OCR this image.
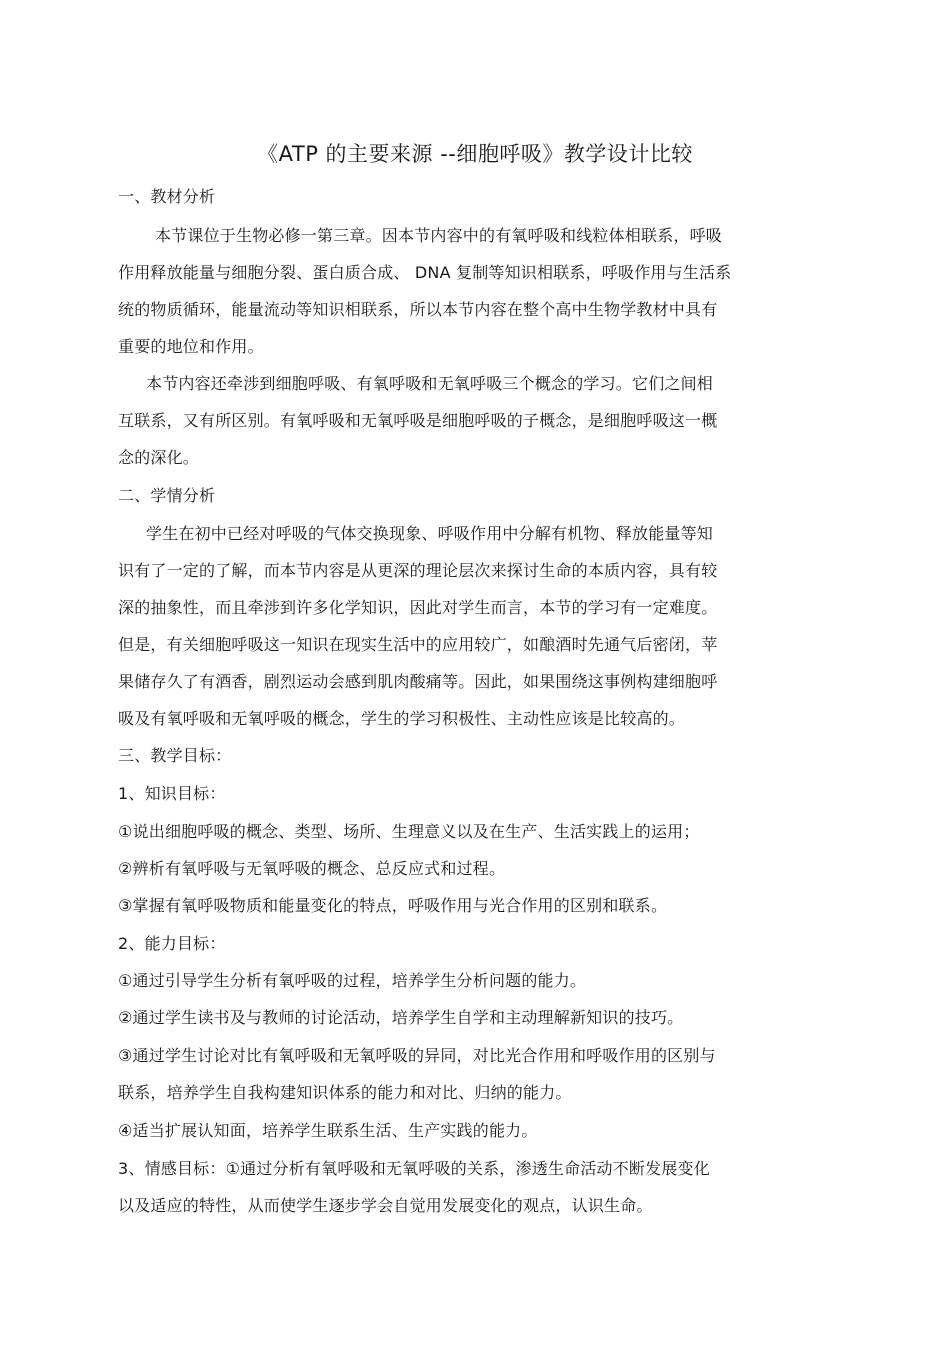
《ATP 的主要来源 --细胞呼吸》教学设计比较
一、教材分析
本节课位于生物必修一第三章。因本节内容中的有氧呼吸和线粒体相联系，呼吸
作用释放能量与细胞分裂、蛋白质合成、 DNA 复制等知识相联系，呼吸作用与生活系
统的物质循环，能量流动等知识相联系，所以本节内容在整个高中生物学教材中具有
重要的地位和作用。
本节内容还牵涉到细胞呼吸、有氧呼吸和无氧呼吸三个概念的学习。它们之间相
互联系，又有所区别。有氧呼吸和无氧呼吸是细胞呼吸的子概念，是细胞呼吸这一概
念的深化。
二、学情分析
学生在初中已经对呼吸的气体交换现象、呼吸作用中分解有机物、释放能量等知
识有了一定的了解，而本节内容是从更深的理论层次来探讨生命的本质内容，具有较
深的抽象性，而且牵涉到许多化学知识，因此对学生而言，本节的学习有一定难度。
但是，有关细胞呼吸这一知识在现实生活中的应用较广，如酿酒时先通气后密闭，苹
果储存久了有酒香，剧烈运动会感到肌肉酸痛等。因此，如果围绕这事例构建细胞呼
吸及有氧呼吸和无氧呼吸的概念，学生的学习积极性、主动性应该是比较高的。
三、教学目标：
1、知识目标：
①说出细胞呼吸的概念、类型、场所、生理意义以及在生产、生活实践上的运用；
②辨析有氧呼吸与无氧呼吸的概念、总反应式和过程。
③掌握有氧呼吸物质和能量变化的特点，呼吸作用与光合作用的区别和联系。
2、能力目标：
①通过引导学生分析有氧呼吸的过程，培养学生分析问题的能力。
②通过学生读书及与教师的讨论活动，培养学生自学和主动理解新知识的技巧。
③通过学生讨论对比有氧呼吸和无氧呼吸的异同，对比光合作用和呼吸作用的区别与
联系，培养学生自我构建知识体系的能力和对比、归纳的能力。
④适当扩展认知面，培养学生联系生活、生产实践的能力。
3、情感目标：①通过分析有氧呼吸和无氧呼吸的关系，渗透生命活动不断发展变化
以及适应的特性，从而使学生逐步学会自觉用发展变化的观点，认识生命。
